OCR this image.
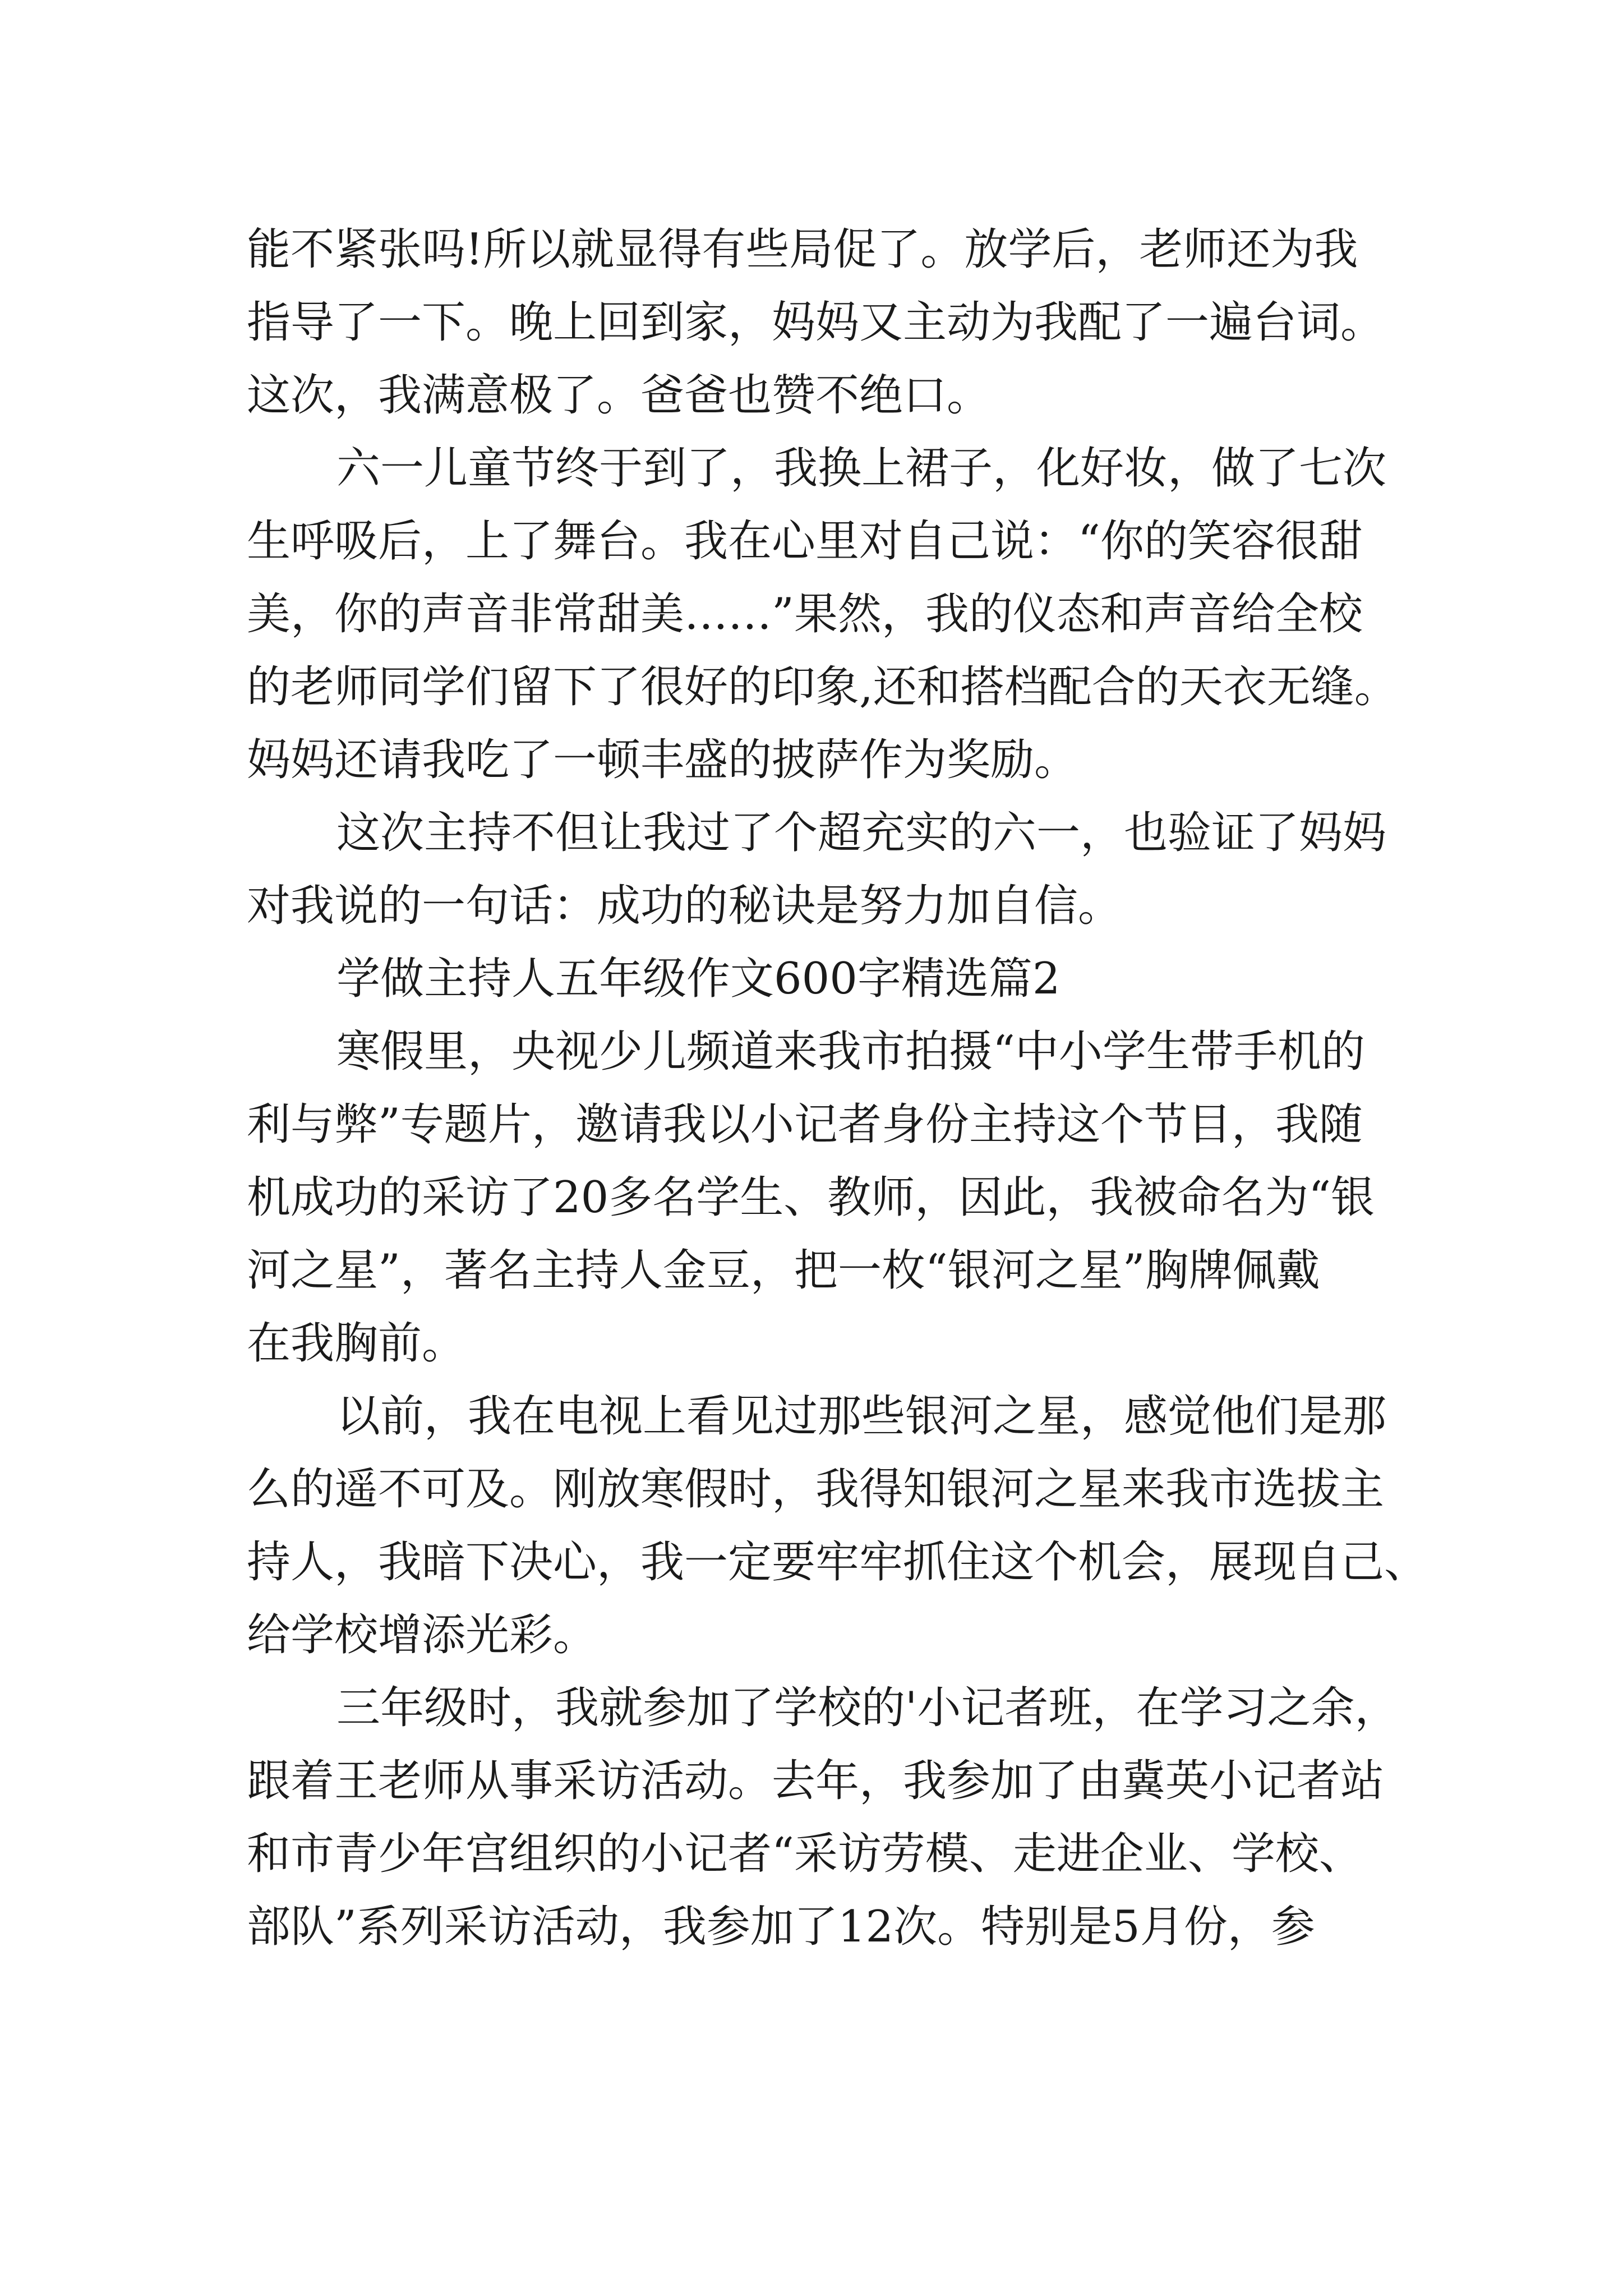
能不紧张吗!所以就显得有些局促了。放学后，老师还为我
指导了一下。晚上回到家，妈妈又主动为我配了一遍台词。
这次，我满意极了。爸爸也赞不绝口。

六一儿童节终于到了，我换上裙子，化好妆，做了七次
生呼吸后，上了舞台。我在心里对自己说：“你的笑容很甜
美，你的声音非常甜美……”果然，我的仪态和声音给全校
的老师同学们留下了很好的印象,还和搭档配合的天衣无缝。
妈妈还请我吃了一顿丰盛的披萨作为奖励。

这次主持不但让我过了个超充实的六一，也验证了妈妈
对我说的一句话：成功的秘诀是努力加自信。

学做主持人五年级作文600字精选篇2

寒假里，央视少儿频道来我市拍摄“中小学生带手机的
利与弊”专题片，邀请我以小记者身份主持这个节目，我随
机成功的采访了20多名学生、教师，因此，我被命名为“银
河之星”，著名主持人金豆，把一枚“银河之星”胸牌佩戴
在我胸前。

以前，我在电视上看见过那些银河之星，感觉他们是那
么的遥不可及。刚放寒假时，我得知银河之星来我市选拔主
持人，我暗下决心，我一定要牢牢抓住这个机会，展现自己、
给学校增添光彩。

三年级时，我就参加了学校的'小记者班，在学习之余，
跟着王老师从事采访活动。去年，我参加了由冀英小记者站
和市青少年宫组织的小记者“采访劳模、走进企业、学校、
部队”系列采访活动，我参加了12次。特别是5月份，参
